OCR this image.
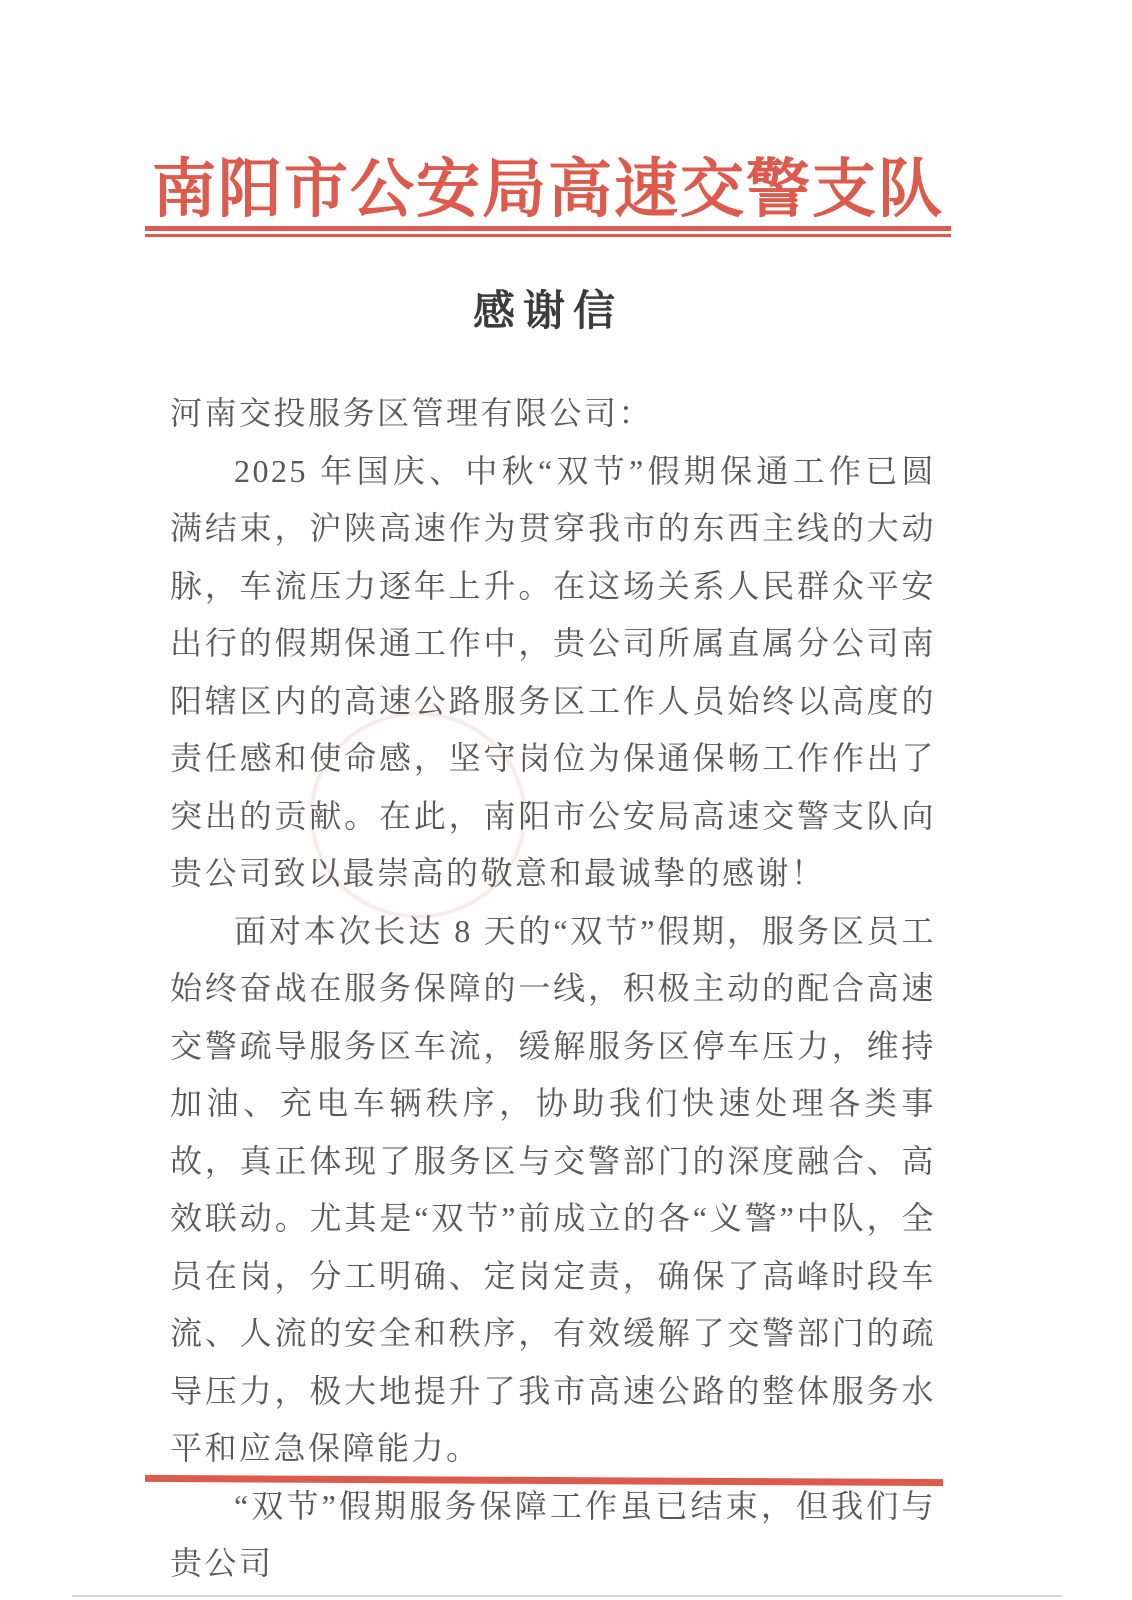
南阳市公安局高速交警支队
感谢信

河南交投服务区管理有限公司：

2025 年国庆、中秋“双节”假期保通工作已圆满结束，沪陕高速作为贯穿我市的东西主线的大动脉，车流压力逐年上升。在这场关系人民群众平安出行的假期保通工作中，贵公司所属直属分公司南阳辖区内的高速公路服务区工作人员始终以高度的责任感和使命感，坚守岗位为保通保畅工作作出了突出的贡献。在此，南阳市公安局高速交警支队向贵公司致以最崇高的敬意和最诚挚的感谢！

面对本次长达 8 天的“双节”假期，服务区员工始终奋战在服务保障的一线，积极主动的配合高速交警疏导服务区车流，缓解服务区停车压力，维持加油、充电车辆秩序，协助我们快速处理各类事故，真正体现了服务区与交警部门的深度融合、高效联动。尤其是“双节”前成立的各“义警”中队，全员在岗，分工明确、定岗定责，确保了高峰时段车流、人流的安全和秩序，有效缓解了交警部门的疏导压力，极大地提升了我市高速公路的整体服务水平和应急保障能力。

“双节”假期服务保障工作虽已结束，但我们与贵公司
